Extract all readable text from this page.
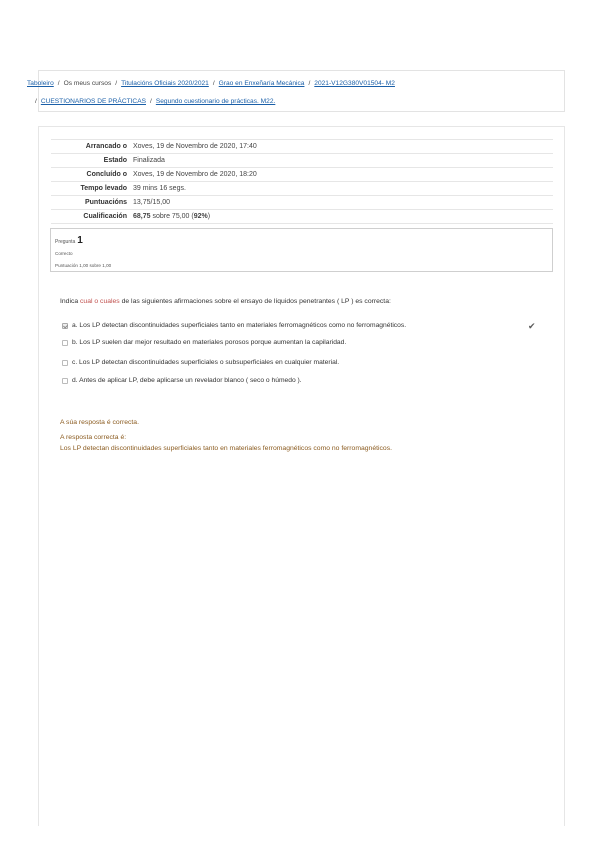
Taboleiro / Os meus cursos / Titulacións Oficiais 2020/2021 / Grao en Enxeñaría Mecánica / 2021-V12G380V01504- M2
/ CUESTIONARIOS DE PRÁCTICAS / Segundo cuestionario de prácticas. M22.
Arrancado o	Xoves, 19 de Novembro de 2020, 17:40
Estado	Finalizada
Concluído o	Xoves, 19 de Novembro de 2020, 18:20
Tempo levado	39 mins 16 segs.
Puntuacións	13,75/15,00
Cualificación	68,75 sobre 75,00 (92%)
Pregunta 1
Correcto
Puntuación 1,00 sobre 1,00
Indica cual o cuales de las siguientes afirmaciones sobre el ensayo de líquidos penetrantes ( LP ) es correcta:
a. Los LP detectan discontinuidades superficiales tanto en materiales ferromagnéticos como no ferromagnéticos.	✔
b. Los LP suelen dar mejor resultado en materiales porosos porque aumentan la capilaridad.
c. Los LP detectan discontinuidades superficiales o subsuperficiales en cualquier material.
d. Antes de aplicar LP, debe aplicarse un revelador blanco ( seco o húmedo ).
A súa resposta é correcta.
A resposta correcta é:
Los LP detectan discontinuidades superficiales tanto en materiales ferromagnéticos como no ferromagnéticos.
